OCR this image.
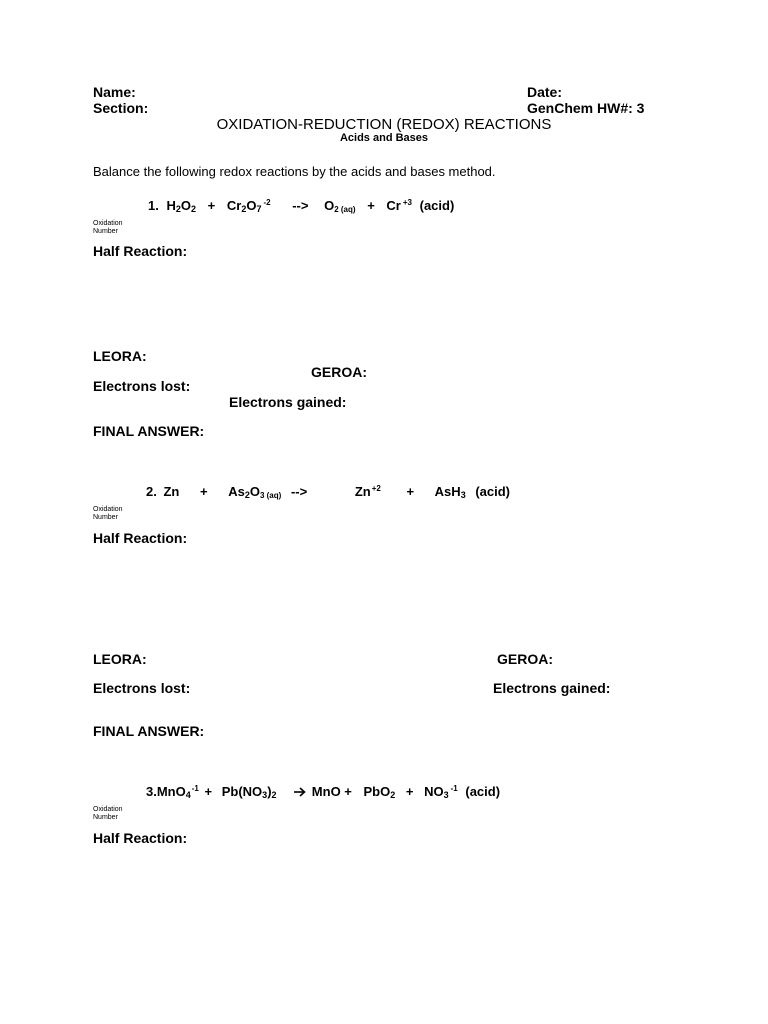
Name:	Date:
Section:	GenChem HW#: 3
OXIDATION-REDUCTION (REDOX) REACTIONS
Acids and Bases
Balance the following redox reactions by the acids and bases method.
1. $H_2O_2 + Cr_2O_7^{-2}$ --> $O_{2 (aq)} + Cr$ $^{+3}$ (acid)
Oxidation Number
Half Reaction:
LEORA:
GEROA:
Electrons lost:
Electrons gained:
FINAL ANSWER:
2. $Zn + As_2O_{3 (aq)}$ -->	$Zn^{+2} + AsH_3$ (acid)
Oxidation Number
Half Reaction:
LEORA:	GEROA:
Electrons lost:	Electrons gained:
FINAL ANSWER:
$3.MnO_4^{-1} + Pb(NO_3)_2$ → MnO + $PbO_2 + NO_3^{-1}$ (acid)
Oxidation Number
Half Reaction:
